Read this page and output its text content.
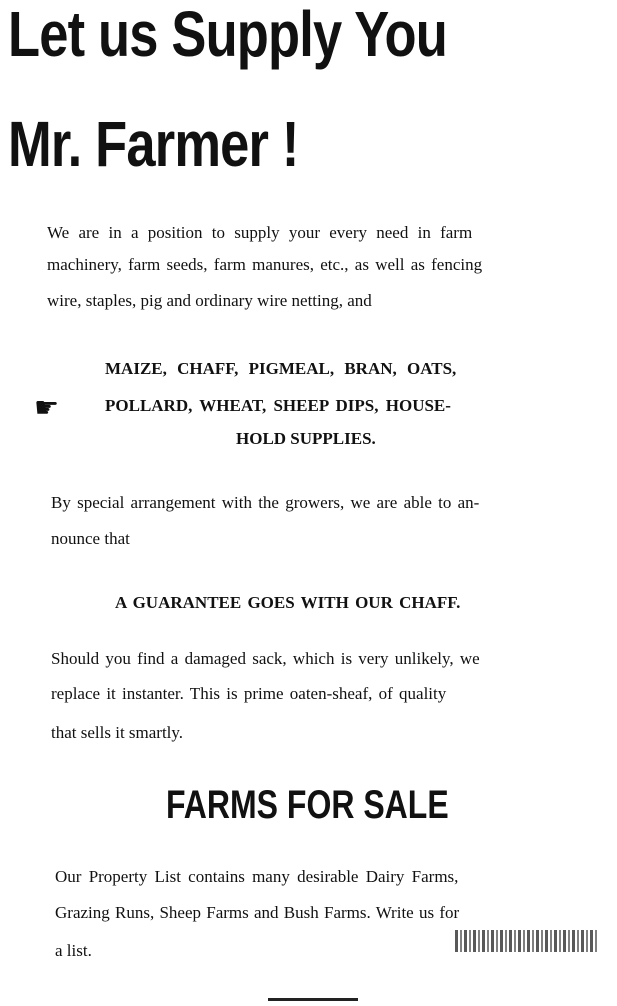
Let us Supply You
Mr. Farmer !

We are in a position to supply your every need in farm

machinery, farm seeds, farm manures, etc., as well as fencing

wire, staples, pig and ordinary wire netting, and

☛

MAIZE, CHAFF, PIGMEAL, BRAN, OATS,

POLLARD, WHEAT, SHEEP DIPS, HOUSE-

HOLD SUPPLIES.

By special arrangement with the growers, we are able to an-

nounce that

A GUARANTEE GOES WITH OUR CHAFF.

Should you find a damaged sack, which is very unlikely, we

replace it instanter. This is prime oaten-sheaf, of quality

that sells it smartly.

FARMS FOR SALE

Our Property List contains many desirable Dairy Farms,

Grazing Runs, Sheep Farms and Bush Farms. Write us for

a list.
